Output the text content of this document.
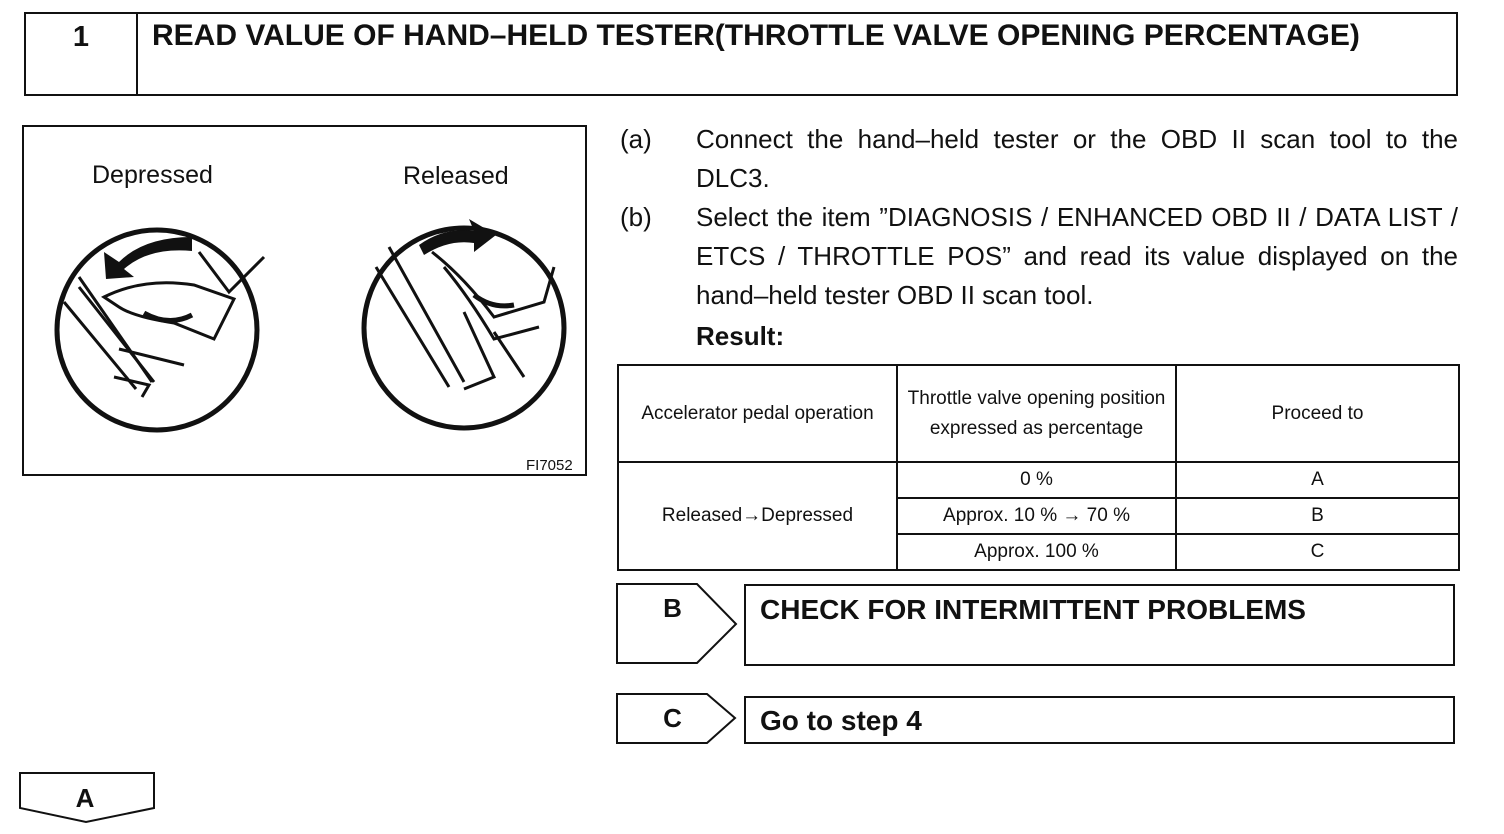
1	READ VALUE OF HAND–HELD TESTER(THROTTLE VALVE OPENING PERCENTAGE)
Depressed	Released
FI7052
(a) Connect the hand–held tester or the OBD II scan tool to the DLC3.
(b) Select the item ”DIAGNOSIS / ENHANCED OBD II / DATA LIST / ETCS / THROTTLE POS” and read its value displayed on the hand–held tester OBD II scan tool.
Result:
Accelerator pedal operation	Throttle valve opening position expressed as percentage	Proceed to
Released→Depressed	0 %	A
	Approx. 10 % → 70 %	B
	Approx. 100 %	C
B	CHECK FOR INTERMITTENT PROBLEMS
C	Go to step 4
A
